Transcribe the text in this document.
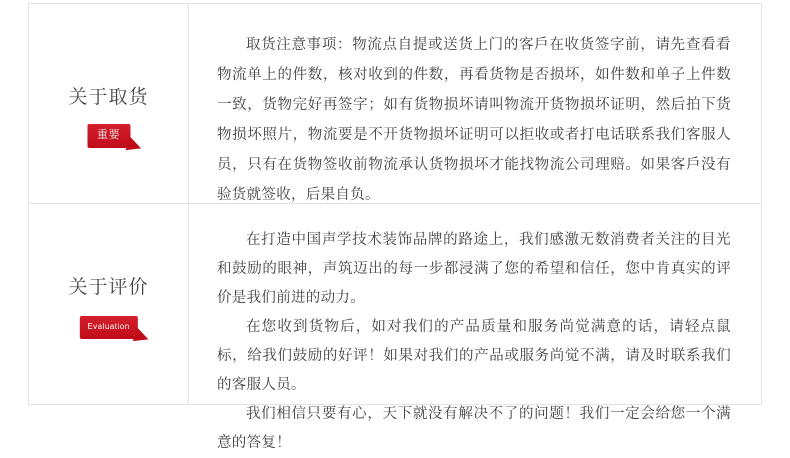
关于取货
重要

取货注意事项：物流点自提或送货上门的客戶在收货签字前，请先查看看物流单上的件数，核对收到的件数，再看货物是否损坏，如件数和单子上件数一致，货物完好再签字；如有货物损坏请叫物流开货物损坏证明，然后拍下货物损坏照片，物流要是不开货物损坏证明可以拒收或者打电话联系我们客服人员，只有在货物签收前物流承认货物损坏才能找物流公司理赔。如果客戶没有验货就签收，后果自负。

关于评价
Evaluation

在打造中国声学技术装饰品牌的路途上，我们感激无数消费者关注的目光和鼓励的眼神，声筑迈出的每一步都浸满了您的希望和信任，您中肯真实的评价是我们前进的动力。

在您收到货物后，如对我们的产品质量和服务尚觉满意的话，请轻点鼠标，给我们鼓励的好评！如果对我们的产品或服务尚觉不满，请及时联系我们的客服人员。

我们相信只要有心，天下就没有解决不了的问题！我们一定会给您一个满意的答复！
